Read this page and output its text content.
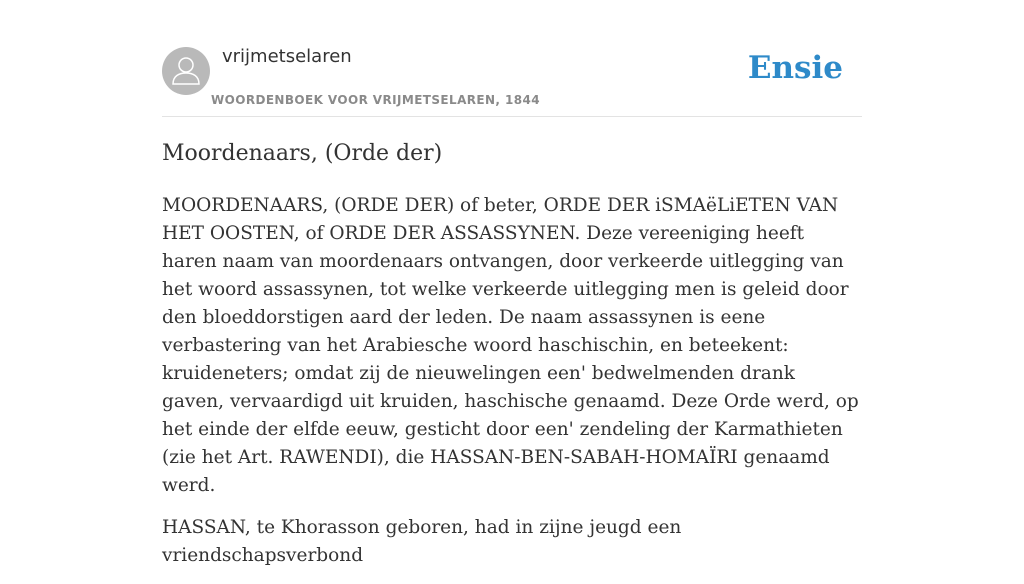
vrijmetselaren
WOORDENBOEK VOOR VRIJMETSELAREN, 1844
Ensie
Moordenaars, (Orde der)

MOORDENAARS, (ORDE DER) of beter, ORDE DER iSMAëLiETEN VAN HET OOSTEN, of ORDE DER ASSASSYNEN. Deze vereeniging heeft haren naam van moordenaars ontvangen, door verkeerde uitlegging van het woord assassynen, tot welke verkeerde uitlegging men is geleid door den bloeddorstigen aard der leden. De naam assassynen is eene verbastering van het Arabiesche woord haschischin, en beteekent: kruideneters; omdat zij de nieuwelingen een' bedwelmenden drank gaven, vervaardigd uit kruiden, haschische genaamd. Deze Orde werd, op het einde der elfde eeuw, gesticht door een' zendeling der Karmathieten (zie het Art. RAWENDI), die HASSAN-BEN-SABAH-HOMAÏRI genaamd werd.

HASSAN, te Khorasson geboren, had in zijne jeugd een vriendschapsverbond
